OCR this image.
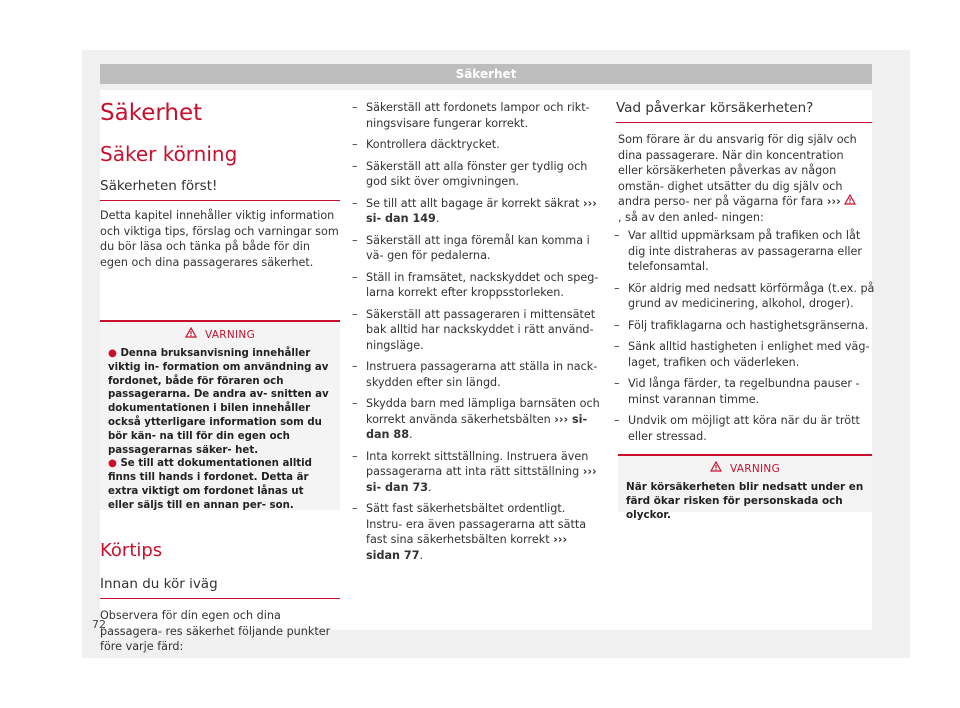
Säkerhet
Säkerhet
Säker körning
Säkerheten först!
Detta kapitel innehåller viktig information och viktiga tips, förslag och varningar som du bör läsa och tänka på både för din egen och dina passagerares säkerhet.
VARNING
● Denna bruksanvisning innehåller viktig in- formation om användning av fordonet, både för föraren och passagerarna. De andra av- snitten av dokumentationen i bilen innehåller också ytterligare information som du bör kän- na till för din egen och passagerarnas säker- het.
● Se till att dokumentationen alltid finns till hands i fordonet. Detta är extra viktigt om fordonet lånas ut eller säljs till en annan per- son.
Körtips
Innan du kör iväg
Observera för din egen och dina passagera- res säkerhet följande punkter före varje färd:
– Säkerställ att fordonets lampor och rikt- ningsvisare fungerar korrekt.
– Kontrollera däcktrycket.
– Säkerställ att alla fönster ger tydlig och god sikt över omgivningen.
– Se till att allt bagage är korrekt säkrat ››› si- dan 149.
– Säkerställ att inga föremål kan komma i vä- gen för pedalerna.
– Ställ in framsätet, nackskyddet och speg- larna korrekt efter kroppsstorleken.
– Säkerställ att passageraren i mittensätet bak alltid har nackskyddet i rätt använd- ningsläge.
– Instruera passagerarna att ställa in nack- skydden efter sin längd.
– Skydda barn med lämpliga barnsäten och korrekt använda säkerhetsbälten ››› si- dan 88.
– Inta korrekt sittställning. Instruera även passagerarna att inta rätt sittställning ››› si- dan 73.
– Sätt fast säkerhetsbältet ordentligt. Instru- era även passagerarna att sätta fast sina säkerhetsbälten korrekt ››› sidan 77.
Vad påverkar körsäkerheten?
Som förare är du ansvarig för dig själv och dina passagerare. När din koncentration eller körsäkerheten påverkas av någon omstän- dighet utsätter du dig själv och andra perso- ner på vägarna för fara ››› , så av den anled- ningen:
– Var alltid uppmärksam på trafiken och låt dig inte distraheras av passagerarna eller telefonsamtal.
– Kör aldrig med nedsatt körförmåga (t.ex. på grund av medicinering, alkohol, droger).
– Följ trafiklagarna och hastighetsgränserna.
– Sänk alltid hastigheten i enlighet med väg- laget, trafiken och väderleken.
– Vid långa färder, ta regelbundna pauser - minst varannan timme.
– Undvik om möjligt att köra när du är trött eller stressad.
VARNING
När körsäkerheten blir nedsatt under en färd ökar risken för personskada och olyckor.
72
